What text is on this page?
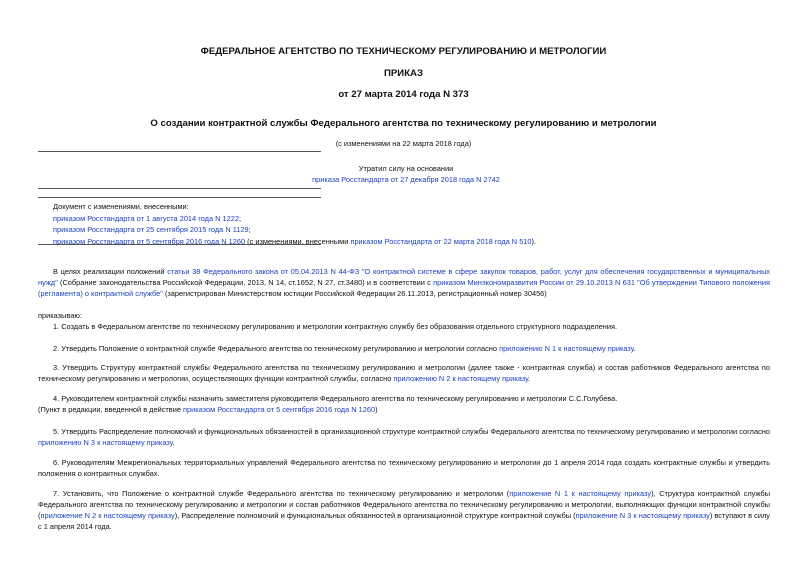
ФЕДЕРАЛЬНОЕ АГЕНТСТВО ПО ТЕХНИЧЕСКОМУ РЕГУЛИРОВАНИЮ И МЕТРОЛОГИИ
ПРИКАЗ
от 27 марта 2014 года N 373
О создании контрактной службы Федерального агентства по техническому регулированию и метрологии
(с изменениями на 22 марта 2018 года)
Утратил силу на основании
приказа Росстандарта от 27 декабря 2018 года N 2742
Документ с изменениями, внесенными:
приказом Росстандарта от 1 августа 2014 года N 1222;
приказом Росстандарта от 25 сентября 2015 года N 1129;
приказом Росстандарта от 5 сентября 2016 года N 1260 (с изменениями, внесенными приказом Росстандарта от 22 марта 2018 года N 510).
В целях реализации положений статьи 38 Федерального закона от 05.04.2013 N 44-ФЗ "О контрактной системе в сфере закупок товаров, работ, услуг для обеспечения государственных и муниципальных нужд" (Собрание законодательства Российской Федерации, 2013, N 14, ст.1652, N 27, ст.3480) и в соответствии с приказом Минэкономразвития России от 29.10.2013 N 631 "Об утверждении Типового положения (регламента) о контрактной службе" (зарегистрирован Министерством юстиции Российской Федерации 26.11.2013, регистрационный номер 30456)
приказываю:
1. Создать в Федеральном агентстве по техническому регулированию и метрологии контрактную службу без образования отдельного структурного подразделения.
2. Утвердить Положение о контрактной службе Федерального агентства по техническому регулированию и метрологии согласно приложению N 1 к настоящему приказу.
3. Утвердить Структуру контрактной службы Федерального агентства по техническому регулированию и метрологии (далее также - контрактная служба) и состав работников Федерального агентства по техническому регулированию и метрологии, осуществляющих функции контрактной службы, согласно приложению N 2 к настоящему приказу.
4. Руководителем контрактной службы назначить заместителя руководителя Федерального агентства по техническому регулированию и метрологии С.С.Голубева.
(Пункт в редакции, введенной в действие приказом Росстандарта от 5 сентября 2016 года N 1260)
5. Утвердить Распределение полномочий и функциональных обязанностей в организационной структуре контрактной службы Федерального агентства по техническому регулированию и метрологии согласно приложению N 3 к настоящему приказу.
6. Руководителям Межрегиональных территориальных управлений Федерального агентства по техническому регулированию и метрологии до 1 апреля 2014 года создать контрактные службы и утвердить положения о контрактных службах.
7. Установить, что Положение о контрактной службе Федерального агентства по техническому регулированию и метрологии (приложение N 1 к настоящему приказу), Структура контрактной службы Федерального агентства по техническому регулированию и метрологии и состав работников Федерального агентства по техническому регулированию и метрологии, выполняющих функции контрактной службы (приложение N 2 к настоящему приказу), Распределение полномочий и функциональных обязанностей в организационной структуре контрактной службы (приложение N 3 к настоящему приказу) вступают в силу с 1 апреля 2014 года.
